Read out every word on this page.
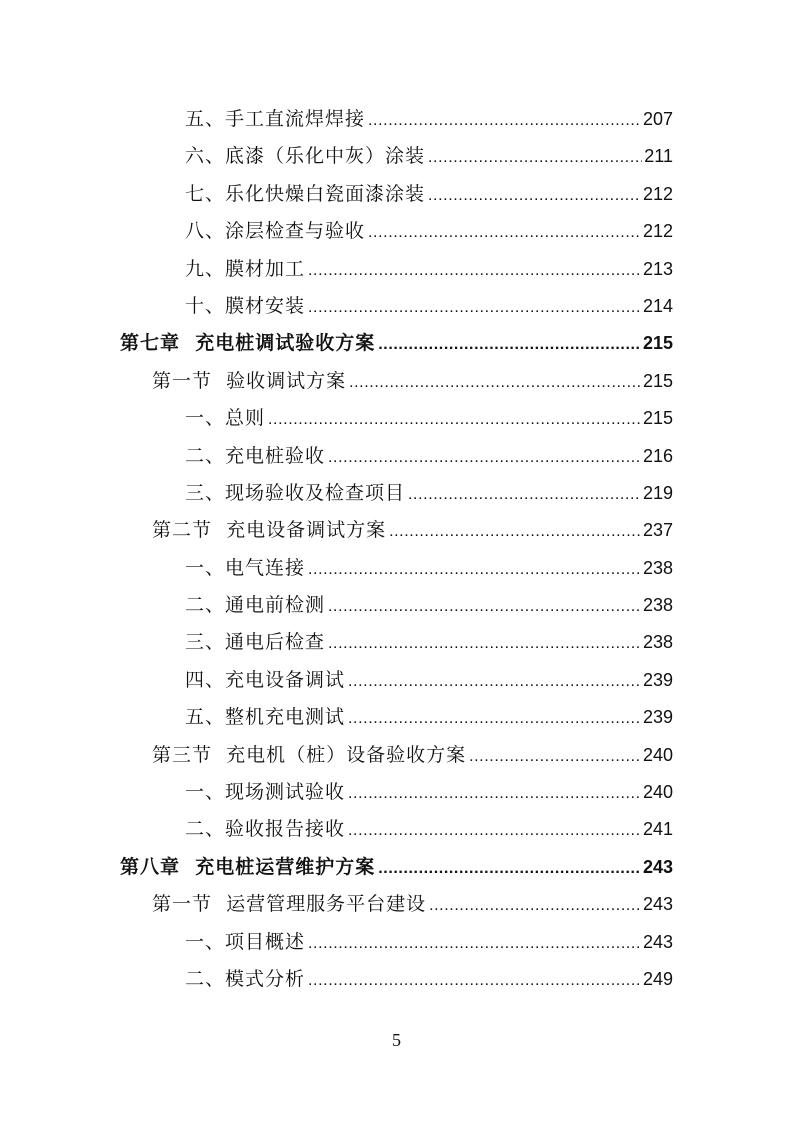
五、手工直流焊焊接 .....	207
六、底漆（乐化中灰）涂装 .....	211
七、乐化快燥白瓷面漆涂装 .....	212
八、涂层检查与验收 .....	212
九、膜材加工 .....	213
十、膜材安装 .....	214
第七章  充电桩调试验收方案 .....	215
第一节  验收调试方案 .....	215
一、总则 .....	215
二、充电桩验收 .....	216
三、现场验收及检查项目 .....	219
第二节  充电设备调试方案 .....	237
一、电气连接 .....	238
二、通电前检测 .....	238
三、通电后检查 .....	238
四、充电设备调试 .....	239
五、整机充电测试 .....	239
第三节  充电机（桩）设备验收方案 .....	240
一、现场测试验收 .....	240
二、验收报告接收 .....	241
第八章  充电桩运营维护方案 .....	243
第一节  运营管理服务平台建设 .....	243
一、项目概述 .....	243
二、模式分析 .....	249
5
